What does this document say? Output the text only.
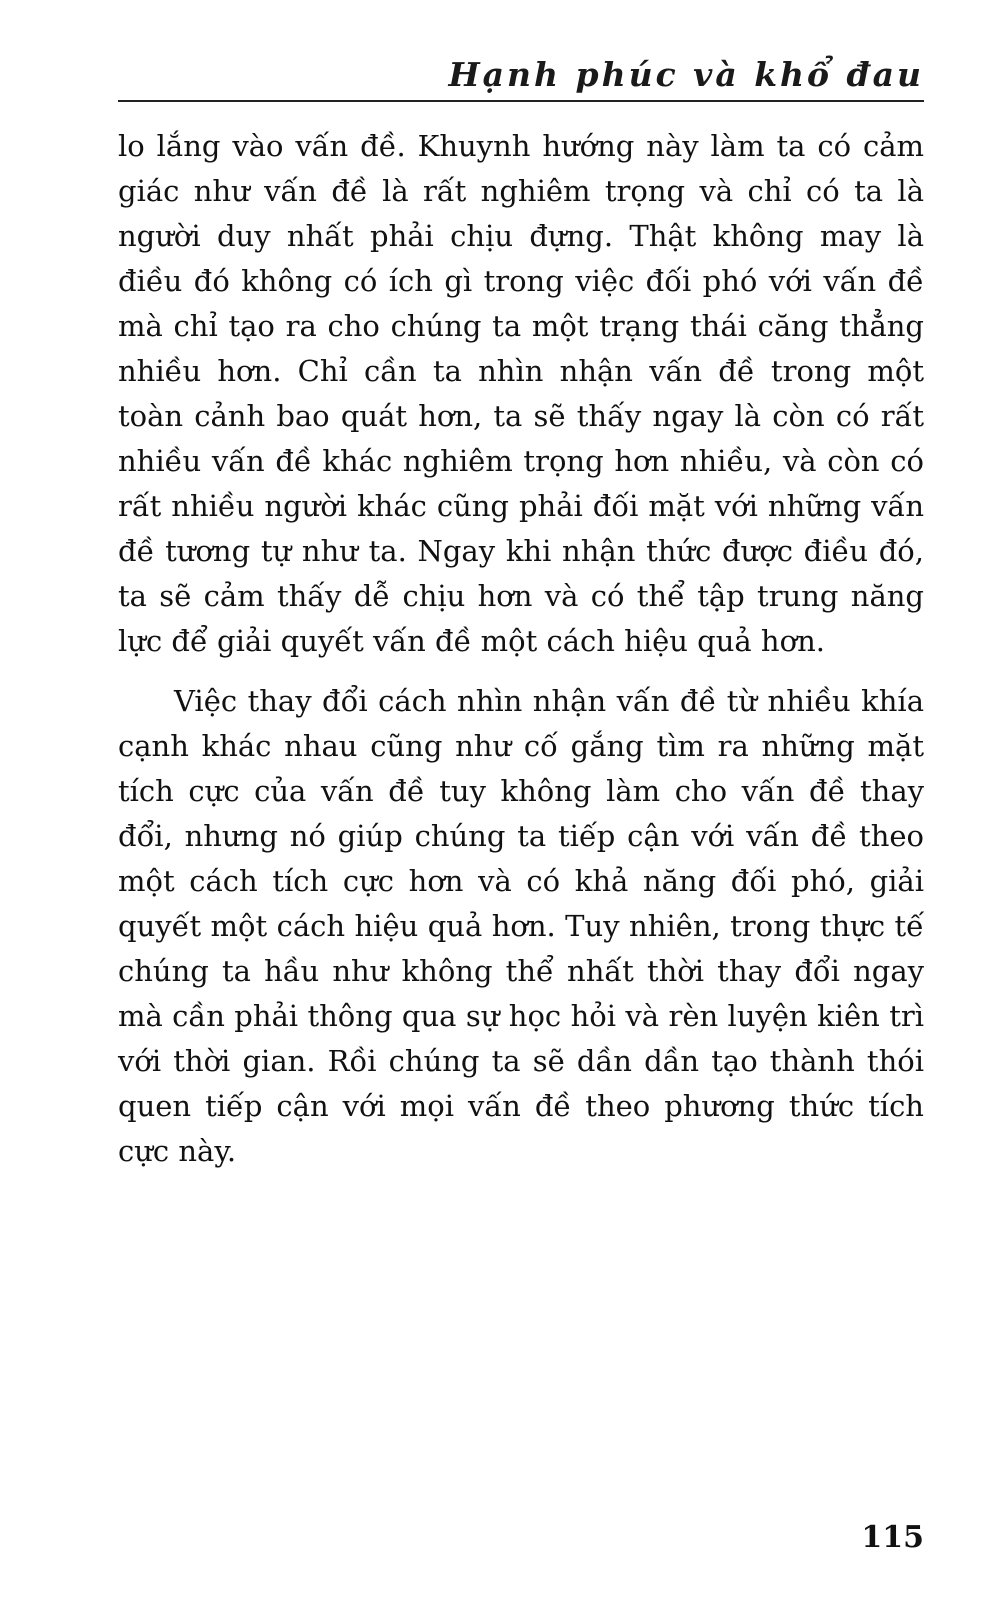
Hạnh phúc và khổ đau

lo lắng vào vấn đề. Khuynh hướng này làm ta có cảm giác như vấn đề là rất nghiêm trọng và chỉ có ta là người duy nhất phải chịu đựng. Thật không may là điều đó không có ích gì trong việc đối phó với vấn đề mà chỉ tạo ra cho chúng ta một trạng thái căng thẳng nhiều hơn. Chỉ cần ta nhìn nhận vấn đề trong một toàn cảnh bao quát hơn, ta sẽ thấy ngay là còn có rất nhiều vấn đề khác nghiêm trọng hơn nhiều, và còn có rất nhiều người khác cũng phải đối mặt với những vấn đề tương tự như ta. Ngay khi nhận thức được điều đó, ta sẽ cảm thấy dễ chịu hơn và có thể tập trung năng lực để giải quyết vấn đề một cách hiệu quả hơn.

Việc thay đổi cách nhìn nhận vấn đề từ nhiều khía cạnh khác nhau cũng như cố gắng tìm ra những mặt tích cực của vấn đề tuy không làm cho vấn đề thay đổi, nhưng nó giúp chúng ta tiếp cận với vấn đề theo một cách tích cực hơn và có khả năng đối phó, giải quyết một cách hiệu quả hơn. Tuy nhiên, trong thực tế chúng ta hầu như không thể nhất thời thay đổi ngay mà cần phải thông qua sự học hỏi và rèn luyện kiên trì với thời gian. Rồi chúng ta sẽ dần dần tạo thành thói quen tiếp cận với mọi vấn đề theo phương thức tích cực này.

115
